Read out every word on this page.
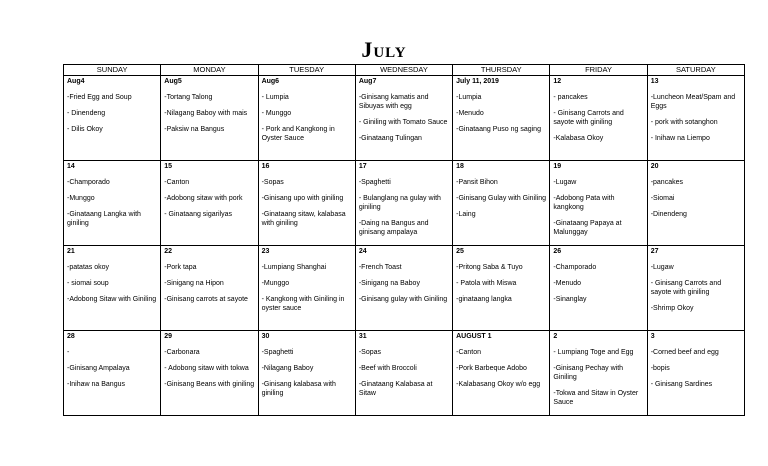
July
SUNDAY	MONDAY	TUESDAY	WEDNESDAY	THURSDAY	FRIDAY	SATURDAY

Aug4
-Fried Egg and Soup
- Dinendeng
- Dilis Okoy	Aug5
-Tortang Talong
-Nilagang Baboy with mais
-Paksiw na Bangus	Aug6
- Lumpia
- Munggo
- Pork and Kangkong in Oyster Sauce	Aug7
-Ginisang kamatis and Sibuyas with egg
- Giniling with Tomato Sauce
-Ginataang Tulingan	July 11, 2019
-Lumpia
-Menudo
-Ginataang Puso ng saging	12
- pancakes
- Ginisang Carrots and sayote with giniling
-Kalabasa Okoy	13
-Luncheon Meat/Spam and Eggs
- pork with sotanghon
- Inihaw na Liempo

14
-Champorado
-Munggo
-Ginataang Langka with giniling	15
-Canton
-Adobong sitaw with pork
- Ginataang sigarilyas	16
-Sopas
-Ginisang upo with giniling
-Ginataang sitaw, kalabasa with giniling	17
-Spaghetti
- Bulanglang na gulay with giniling
-Daing na Bangus and ginisang ampalaya	18
-Pansit Bihon
-Ginisang Gulay with Giniling
-Laing	19
-Lugaw
-Adobong Pata with kangkong
-Ginataang Papaya at Malunggay	20
-pancakes
-Siomai
-Dinendeng

21
-patatas okoy
- siomai soup
-Adobong Sitaw with Giniling	22
-Pork tapa
-Sinigang na Hipon
-Ginisang carrots at sayote	23
-Lumpiang Shanghai
-Munggo
- Kangkong with Giniling in oyster sauce	24
-French Toast
-Sinigang na Baboy
-Ginisang gulay with Giniling	25
-Pritong Saba & Tuyo
- Patola with Miswa
-ginataang langka	26
-Champorado
-Menudo
-Sinanglay	27
-Lugaw
- Ginisang Carrots and sayote with giniling
-Shrimp Okoy

28
-
-Ginisang Ampalaya
-Inihaw na Bangus	29
-Carbonara
- Adobong sitaw with tokwa
-Ginisang Beans with giniling	30
-Spaghetti
-Nilagang Baboy
-Ginisang kalabasa with giniling	31
-Sopas
-Beef with Broccoli
-Ginataang Kalabasa at Sitaw	AUGUST 1
-Canton
-Pork Barbeque Adobo
-Kalabasang Okoy w/o egg	2
- Lumpiang Toge and Egg
-Ginisang Pechay with Giniling
-Tokwa and Sitaw in Oyster Sauce	3
-Corned beef and egg
-bopis
- Ginisang Sardines
